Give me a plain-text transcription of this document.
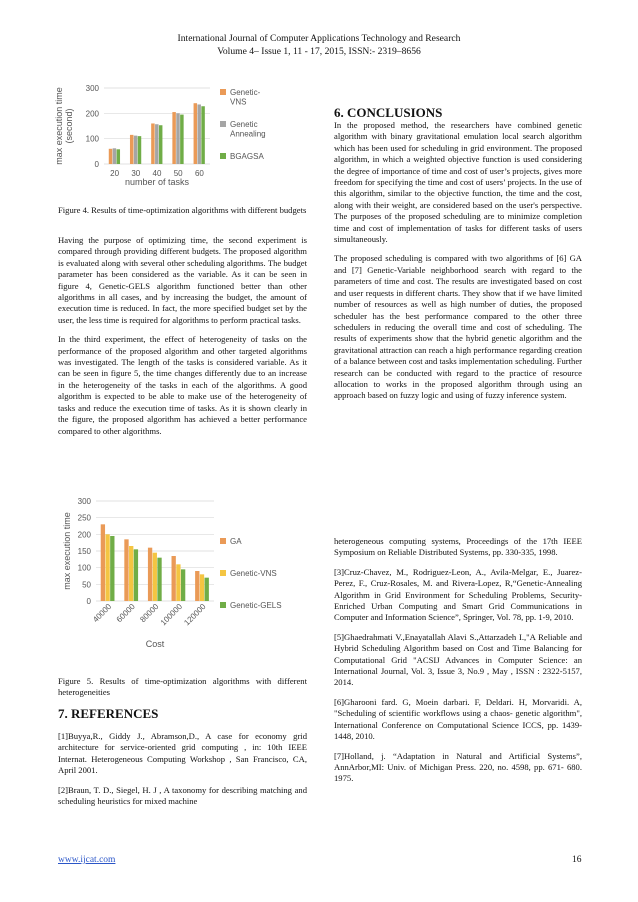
International Journal of Computer Applications Technology and Research
Volume 4– Issue 1, 11 - 17, 2015, ISSN:- 2319–8656
0
100
200
300
20 30 40 50 60
number of tasks
max execution time(second)
Genetic-VNS
Genetic Annealing
BGAGSA
Figure 4. Results of time-optimization algorithms with different budgets

Having the purpose of optimizing time, the second experiment is compared through providing different budgets. The proposed algorithm is evaluated along with several other scheduling algorithms. The budget parameter has been considered as the variable. As it can be seen in figure 4, Genetic-GELS algorithm functioned better than other algorithms in all cases, and by increasing the budget, the amount of execution time is reduced. In fact, the more specified budget set by the user, the less time is required for algorithms to perform practical tasks.

In the third experiment, the effect of heterogeneity of tasks on the performance of the proposed algorithm and other targeted algorithms was investigated. The length of the tasks is considered variable. As it can be seen in figure 5, the time changes differently due to an increase in the heterogeneity of the tasks in each of the algorithms. A good algorithm is expected to be able to make use of the heterogeneity of tasks and reduce the execution time of tasks. As it is shown clearly in the figure, the proposed algorithm has achieved a better performance compared to other algorithms.

0
50
100
150
200
250
300
40000 60000 80000
100000
120000
Cost
max execution time	GA
Genetic-VNS
Genetic-GELS
Figure 5. Results of time-optimization algorithms with different heterogeneities
7. REFERENCES

[1]Buyya,R., Giddy J., Abramson,D., A case for economy grid architecture for service-oriented grid computing , in: 10th IEEE Internat. Heterogeneous Computing Workshop , San Francisco, CA, April 2001.

[2]Braun, T. D., Siegel, H. J , A taxonomy for describing matching and scheduling heuristics for mixed machine

6. CONCLUSIONS

In the proposed method, the researchers have combined genetic algorithm with binary gravitational emulation local search algorithm which has been used for scheduling in grid environment. The proposed algorithm, in which a weighted objective function is used considering the degree of importance of time and cost of user’s projects, gives more freedom for specifying the time and cost of users’ projects. In the use of this algorithm, similar to the objective function, the time and the cost, along with their weight, are considered based on the user's perspective. The purposes of the proposed scheduling are to minimize completion time and cost of implementation of tasks for different tasks of users simultaneously.

The proposed scheduling is compared with two algorithms of [6] GA and [7] Genetic-Variable neighborhood search with regard to the parameters of time and cost. The results are investigated based on cost and user requests in different charts. They show that if we have limited number of resources as well as high number of duties, the proposed scheduler has the best performance compared to the other three schedulers in reducing the overall time and cost of scheduling. The results of experiments show that the hybrid genetic algorithm and the gravitational attraction can reach a high performance regarding creation of a balance between cost and tasks implementation scheduling. Further research can be conducted with regard to the practice of resource allocation to works in the proposed algorithm through using an approach based on fuzzy logic and using of fuzzy inference system.

heterogeneous computing systems, Proceedings of the 17th IEEE Symposium on Reliable Distributed Systems, pp. 330-335, 1998.

[3]Cruz-Chavez, M., Rodriguez-Leon, A., Avila-Melgar, E., Juarez-Perez, F., Cruz-Rosales, M. and Rivera-Lopez, R,“Genetic-Annealing Algorithm in Grid Environment for Scheduling Problems, Security-Enriched Urban Computing and Smart Grid Communications in Computer and Information Science”, Springer, Vol. 78, pp. 1-9, 2010.

[5]Ghaedrahmati V.,Enayatallah Alavi S.,Attarzadeh I.,"A Reliable and Hybrid Scheduling Algorithm based on Cost and Time Balancing for Computational Grid "ACSIJ Advances in Computer Science: an International Journal, Vol. 3, Issue 3, No.9 , May , ISSN : 2322-5157, 2014.

[6]Gharooni fard. G, Moein darbari. F, Deldari. H, Morvaridi. A, "Scheduling of scientific workflows using a chaos- genetic algorithm", International Conference on Computational Science ICCS, pp. 1439- 1448, 2010.

[7]Holland, j. “Adaptation in Natural and Artificial Systems”, AnnArbor,MI: Univ. of Michigan Press. 220, no. 4598, pp. 671- 680. 1975.

www.ijcat.com	16
